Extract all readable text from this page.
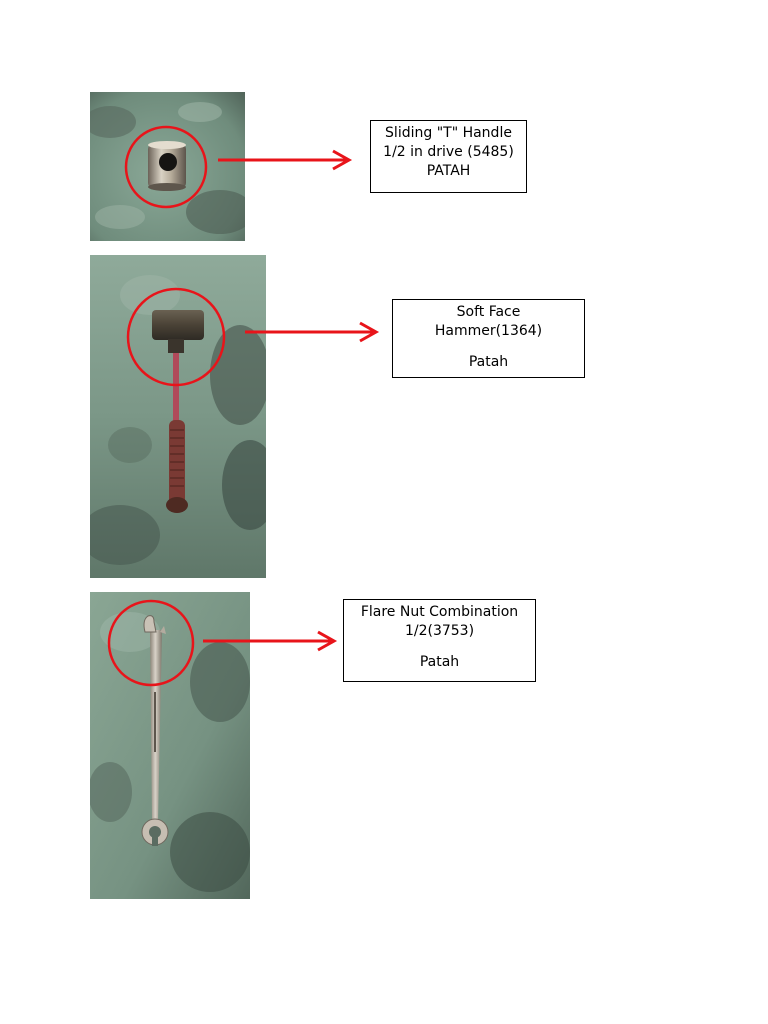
Sliding "T" Handle
1/2 in drive (5485)
PATAH
Soft Face
Hammer(1364)
Patah
Flare Nut Combination
1/2(3753)
Patah
